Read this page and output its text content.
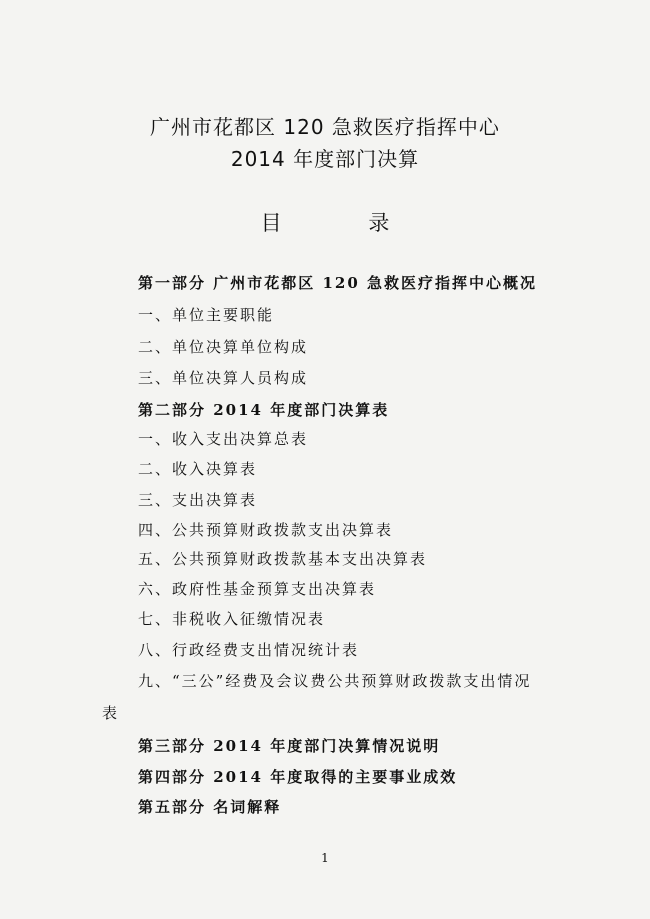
广州市花都区 120 急救医疗指挥中心
2014 年度部门决算
目 录
第一部分 广州市花都区 120 急救医疗指挥中心概况
一、单位主要职能
二、单位决算单位构成
三、单位决算人员构成
第二部分 2014 年度部门决算表
一、收入支出决算总表
二、收入决算表
三、支出决算表
四、公共预算财政拨款支出决算表
五、公共预算财政拨款基本支出决算表
六、政府性基金预算支出决算表
七、非税收入征缴情况表
八、行政经费支出情况统计表
九、“三公”经费及会议费公共预算财政拨款支出情况
表
第三部分 2014 年度部门决算情况说明
第四部分 2014 年度取得的主要事业成效
第五部分 名词解释
1
